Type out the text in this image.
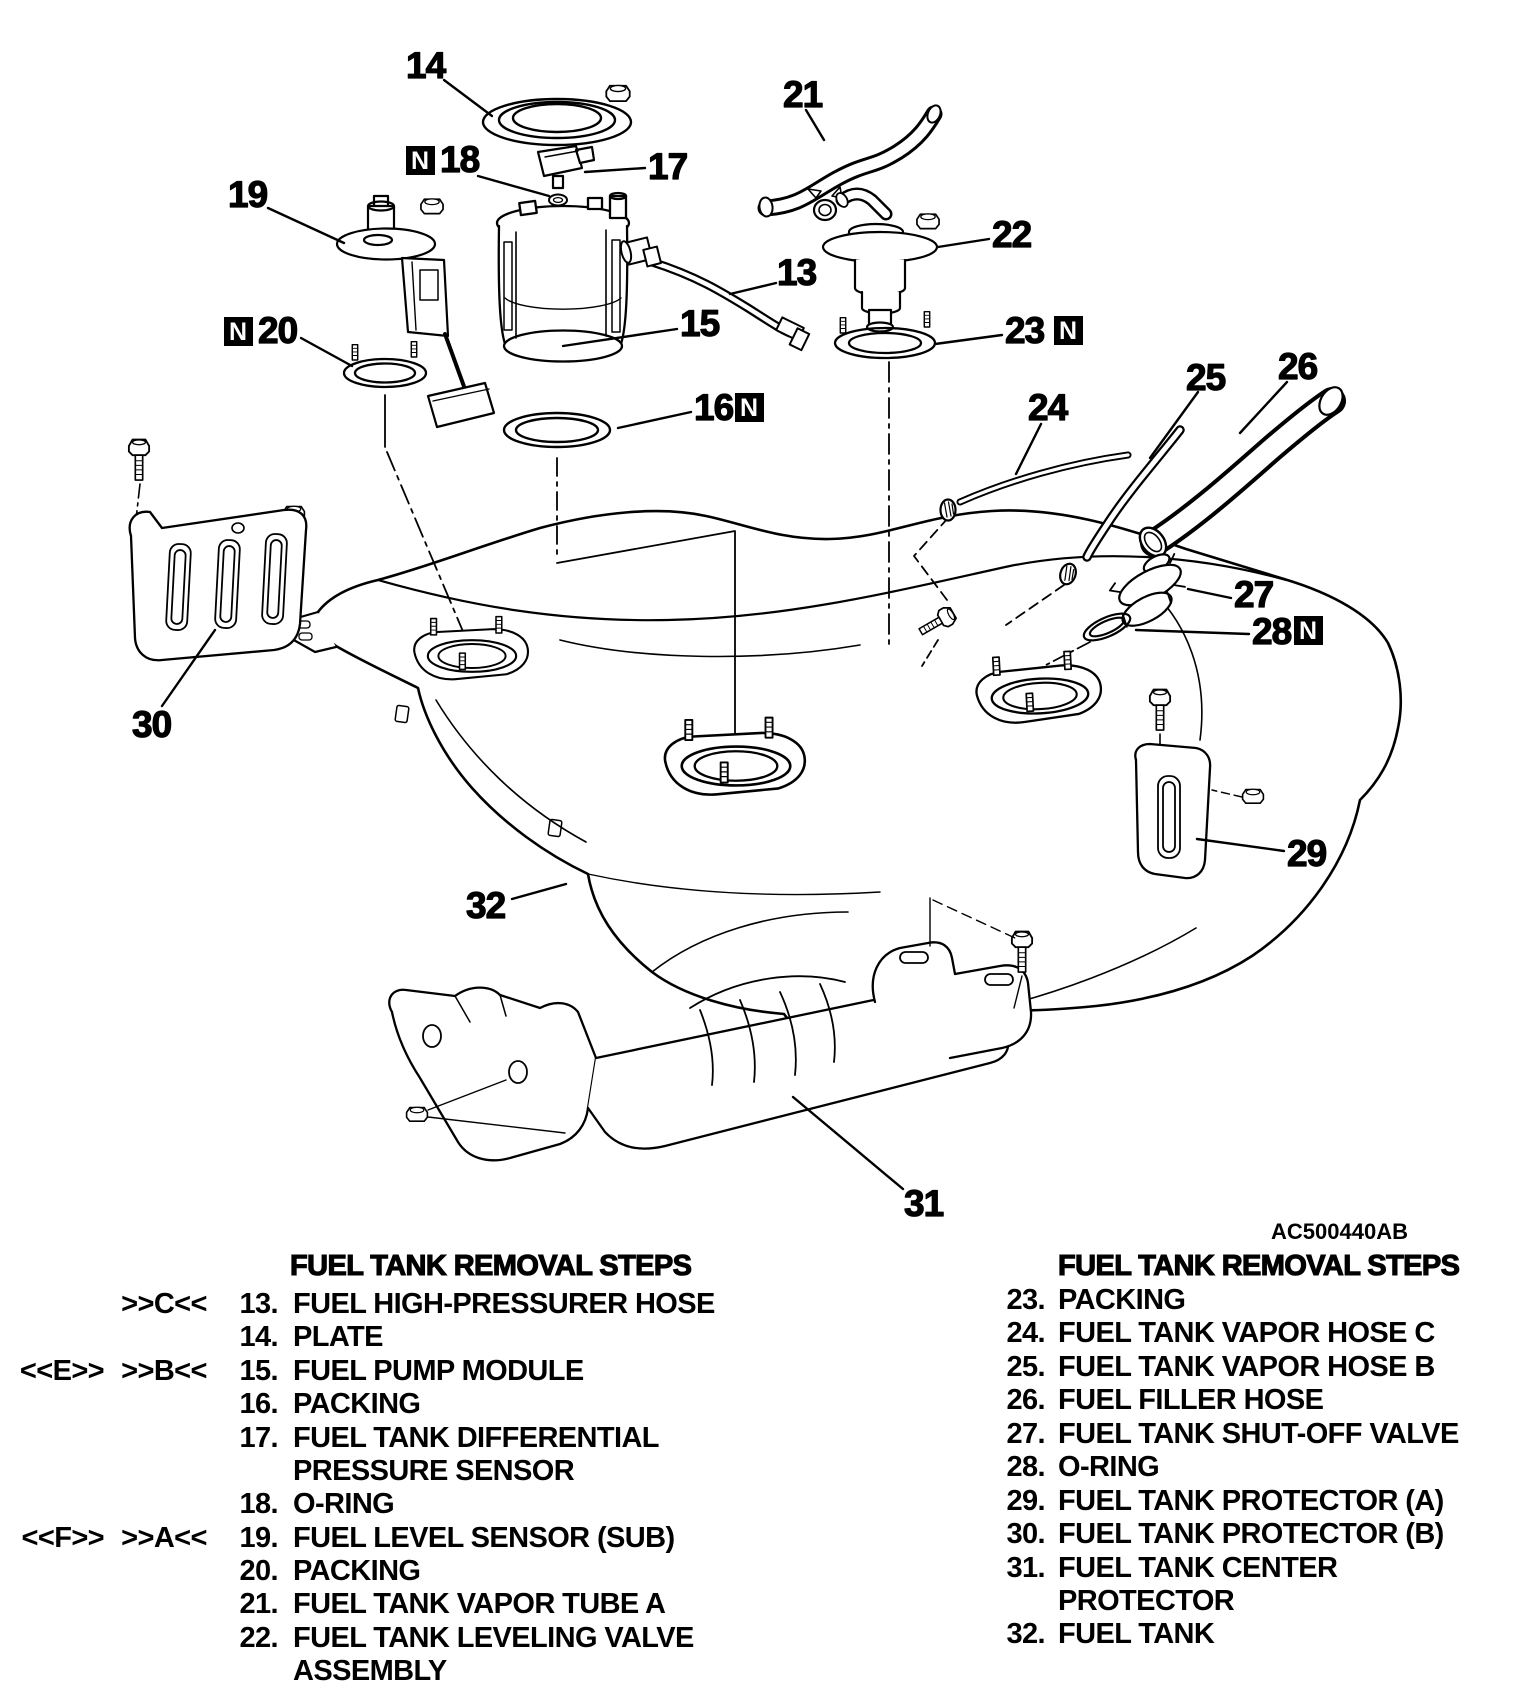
14
N 18	17
21
19
22
13
15
N 20	23 N
16 N	24
25 26
27
28 N
30
29
32
31
AC500440AB
FUEL TANK REMOVAL STEPS	FUEL TANK REMOVAL STEPS
>>C<<	13. FUEL HIGH-PRESSURER HOSE
14. PLATE
<<E>> >>B<<	15. FUEL PUMP MODULE
16. PACKING
17. FUEL TANK DIFFERENTIAL
PRESSURE SENSOR
18. O-RING
<<F>> >>A<<	19. FUEL LEVEL SENSOR (SUB)
20. PACKING
21. FUEL TANK VAPOR TUBE A
22. FUEL TANK LEVELING VALVE
ASSEMBLY
23. PACKING
24. FUEL TANK VAPOR HOSE C
25. FUEL TANK VAPOR HOSE B
26. FUEL FILLER HOSE
27. FUEL TANK SHUT-OFF VALVE
28. O-RING
29. FUEL TANK PROTECTOR (A)
30. FUEL TANK PROTECTOR (B)
31. FUEL TANK CENTER
PROTECTOR
32. FUEL TANK
